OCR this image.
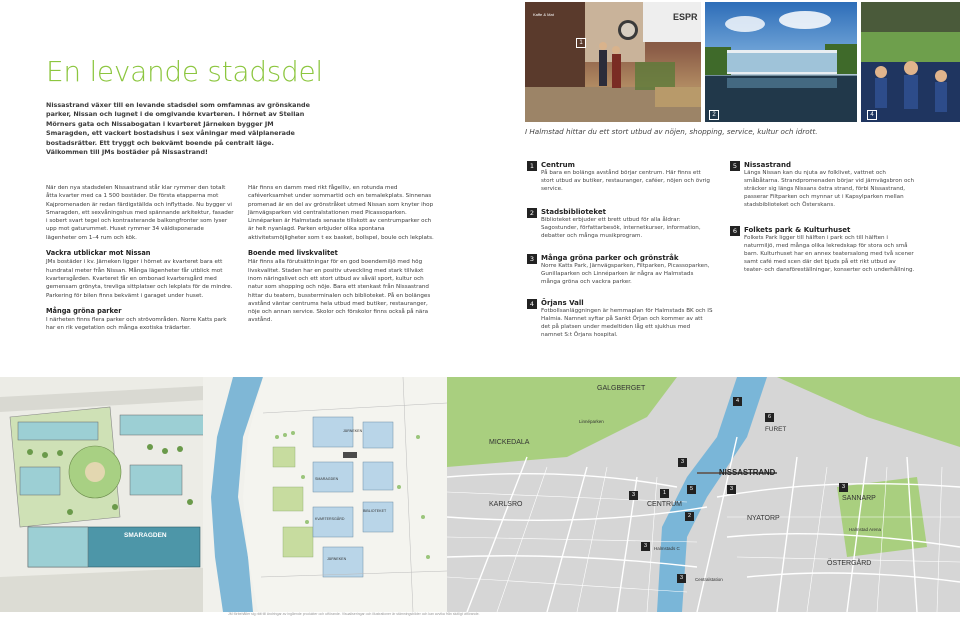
En levande stadsdel
Nissastrand växer till en levande stadsdel som omfamnas av grönskande parker, Nissan och lugnet i de omgivande kvarteren. I hörnet av Stellan Mörners gata och Nissabogatan i kvarteret Järneken bygger JM Smaragden, ett vackert bostadshus i sex våningar med välplanerade bostadsrätter. Ett tryggt och bekvämt boende på centralt läge. Välkommen till JMs bostäder på Nissastrand!
ESPR
Kaffe & Mat
1
2	4
I Halmstad hittar du ett stort utbud av nöjen, shopping, service, kultur och idrott.

När den nya stadsdelen Nissastrand står klar rymmer den totalt åtta kvarter med ca 1 500 bostäder. De första etapperna mot Kajpromenaden är redan färdigställda och inflyttade. Nu bygger vi Smaragden, ett sexvåningshus med spännande arkitektur, fasader i sobert svart tegel och kontrasterande balkongfronter som lyser upp mot gaturummet. Huset rymmer 34 väldisponerade lägenheter om 1–4 rum och kök.

Vackra utblickar mot Nissan

JMs bostäder i kv. Järneken ligger i hörnet av kvarteret bara ett hundratal meter från Nissan. Många lägenheter får utblick mot kvartersgården. Kvarteret får en ombonad kvartersgård med gemensam grönyta, trevliga sittplatser och lekplats för de mindre. Parkering för bilen finns bekvämt i garaget under huset.

Många gröna parker

I närheten finns flera parker och strövområden. Norre Katts park har en rik vegetation och många exotiska trädarter.

Här finns en damm med rikt fågelliv, en rotunda med caféverksamhet under sommartid och en temalekplats. Sinnenas promenad är en del av grönstråket utmed Nissan som knyter ihop Järnvägsparken vid centralstationen med Picassoparken. Linnéparken är Halmstads senaste tillskott av centrumparker och är helt nyanlagd. Parken erbjuder olika spontana aktivitetsmöjligheter som t ex basket, bollspel, boule och lekplats.

Boende med livskvalitet

Här finns alla förutsättningar för en god boendemiljö med hög livskvalitet. Staden har en positiv utveckling med stark tillväxt inom näringslivet och ett stort utbud av såväl sport, kultur och natur som shopping och nöje. Bara ett stenkast från Nissastrand hittar du teatern, bussterminalen och biblioteket. På en bolänges avstånd väntar centrums hela utbud med butiker, restauranger, nöje och annan service. Skolor och förskolor finns också på nära avstånd.

1 Centrum

På bara en bolängs avstånd börjar centrum. Här finns ett stort utbud av butiker, restauranger, caféer, nöjen och övrig service.

2 Stadsbiblioteket

Biblioteket erbjuder ett brett utbud för alla åldrar: Sagostunder, författarbesök, internetkurser, information, debatter och många musikprogram.

3 Många gröna parker och grönstråk

Norre Katts Park, Järnvägsparken, Filtparken, Picassoparken, Gunillaparken och Linnéparken är några av Halmstads många gröna och vackra parker.

4 Örjans Vall

Fotbollsanläggningen är hemmaplan för Halmstads BK och IS Halmia. Namnet syftar på Sankt Örjan och kommer av att det på platsen under medeltiden låg ett sjukhus med namnet S:t Örjans hospital.

5 Nissastrand

Längs Nissan kan du njuta av folklivet, vattnet och småbåtarna. Strandpromenaden börjar vid järnvägsbron och sträcker sig längs Nissans östra strand, förbi Nissastrand, passerar Filtparken och mynnar ut i Kapsylparken mellan stadsbiblioteket och Österskans.

6 Folkets park & Kulturhuset

Folkets Park ligger till hälften i park och till hälften i naturmiljö, med många olika lekredskap för stora och små barn. Kulturhuset har en annex teatersalong med två scener samt café med scen där det bjuds på ett rikt utbud av teater- och dansföreställningar, konserter och underhållning.

SMARAGDEN
JÄRNEKEN
SMARAGDEN
KVARTERSGÅRD
BIBLIOTEKET
JÄRNEKEN
GALGBERGET
MICKEDALA
NISSASTRAND
KARLSRO	CENTRUM
NYATORP
SANNARP
ÖSTERGÅRD
FURET
Halmstad Arena
Halmstads C
Linnéparken
Centralstation
4
6
3
1
5	3
2
3
3
3
3
JM förbehåller sig rätt till ändringar av ingående produkter och utförande. Visualiseringar och illustrationer är stämningsbilder och kan avvika från slutligt utförande.
